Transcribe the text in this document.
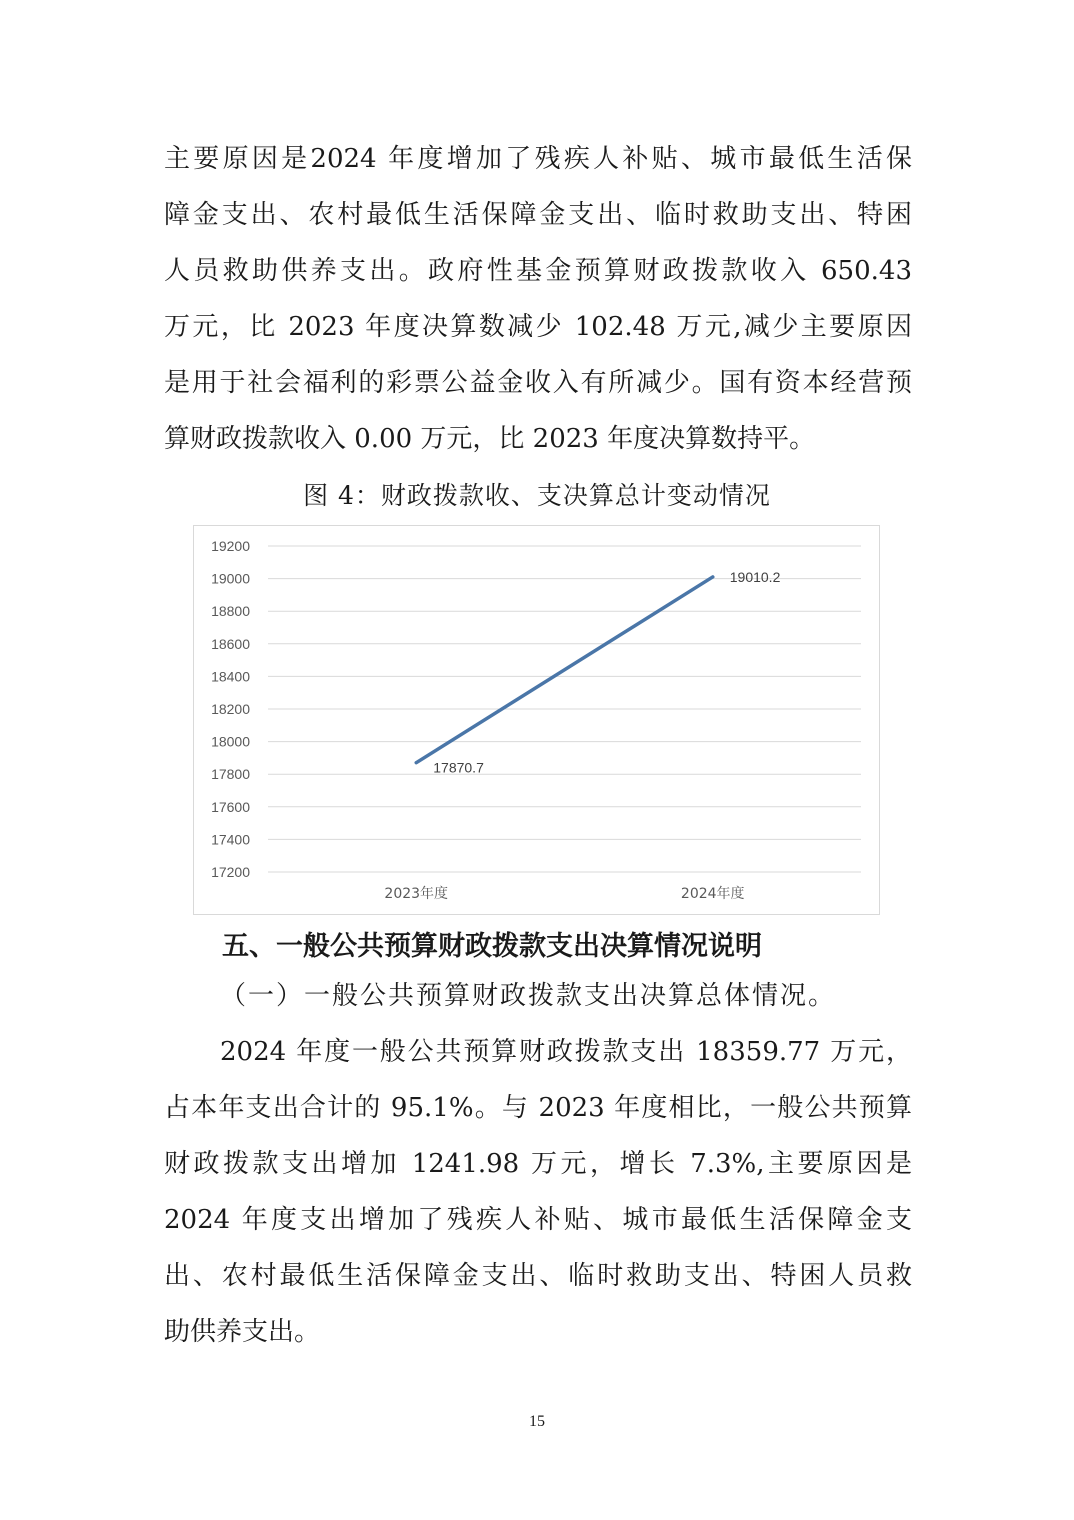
主要原因是2024 年度增加了残疾人补贴、城市最低生活保
障金支出、农村最低生活保障金支出、临时救助支出、特困
人员救助供养支出。政府性基金预算财政拨款收入 650.43
万元，比 2023 年度决算数减少 102.48 万元,减少主要原因
是用于社会福利的彩票公益金收入有所减少。国有资本经营预
算财政拨款收入 0.00 万元，比 2023 年度决算数持平。
图 4：财政拨款收、支决算总计变动情况
19200
19000
18800
18600
18400
18200
18000
17800
17600
17400
17200
2023年度	2024年度
17870.7
19010.2
五、一般公共预算财政拨款支出决算情况说明
（一）一般公共预算财政拨款支出决算总体情况。
2024 年度一般公共预算财政拨款支出 18359.77 万元，
占本年支出合计的 95.1%。与 2023 年度相比，一般公共预算
财政拨款支出增加 1241.98 万元，增长 7.3%,主要原因是
2024 年度支出增加了残疾人补贴、城市最低生活保障金支
出、农村最低生活保障金支出、临时救助支出、特困人员救
助供养支出。
15
